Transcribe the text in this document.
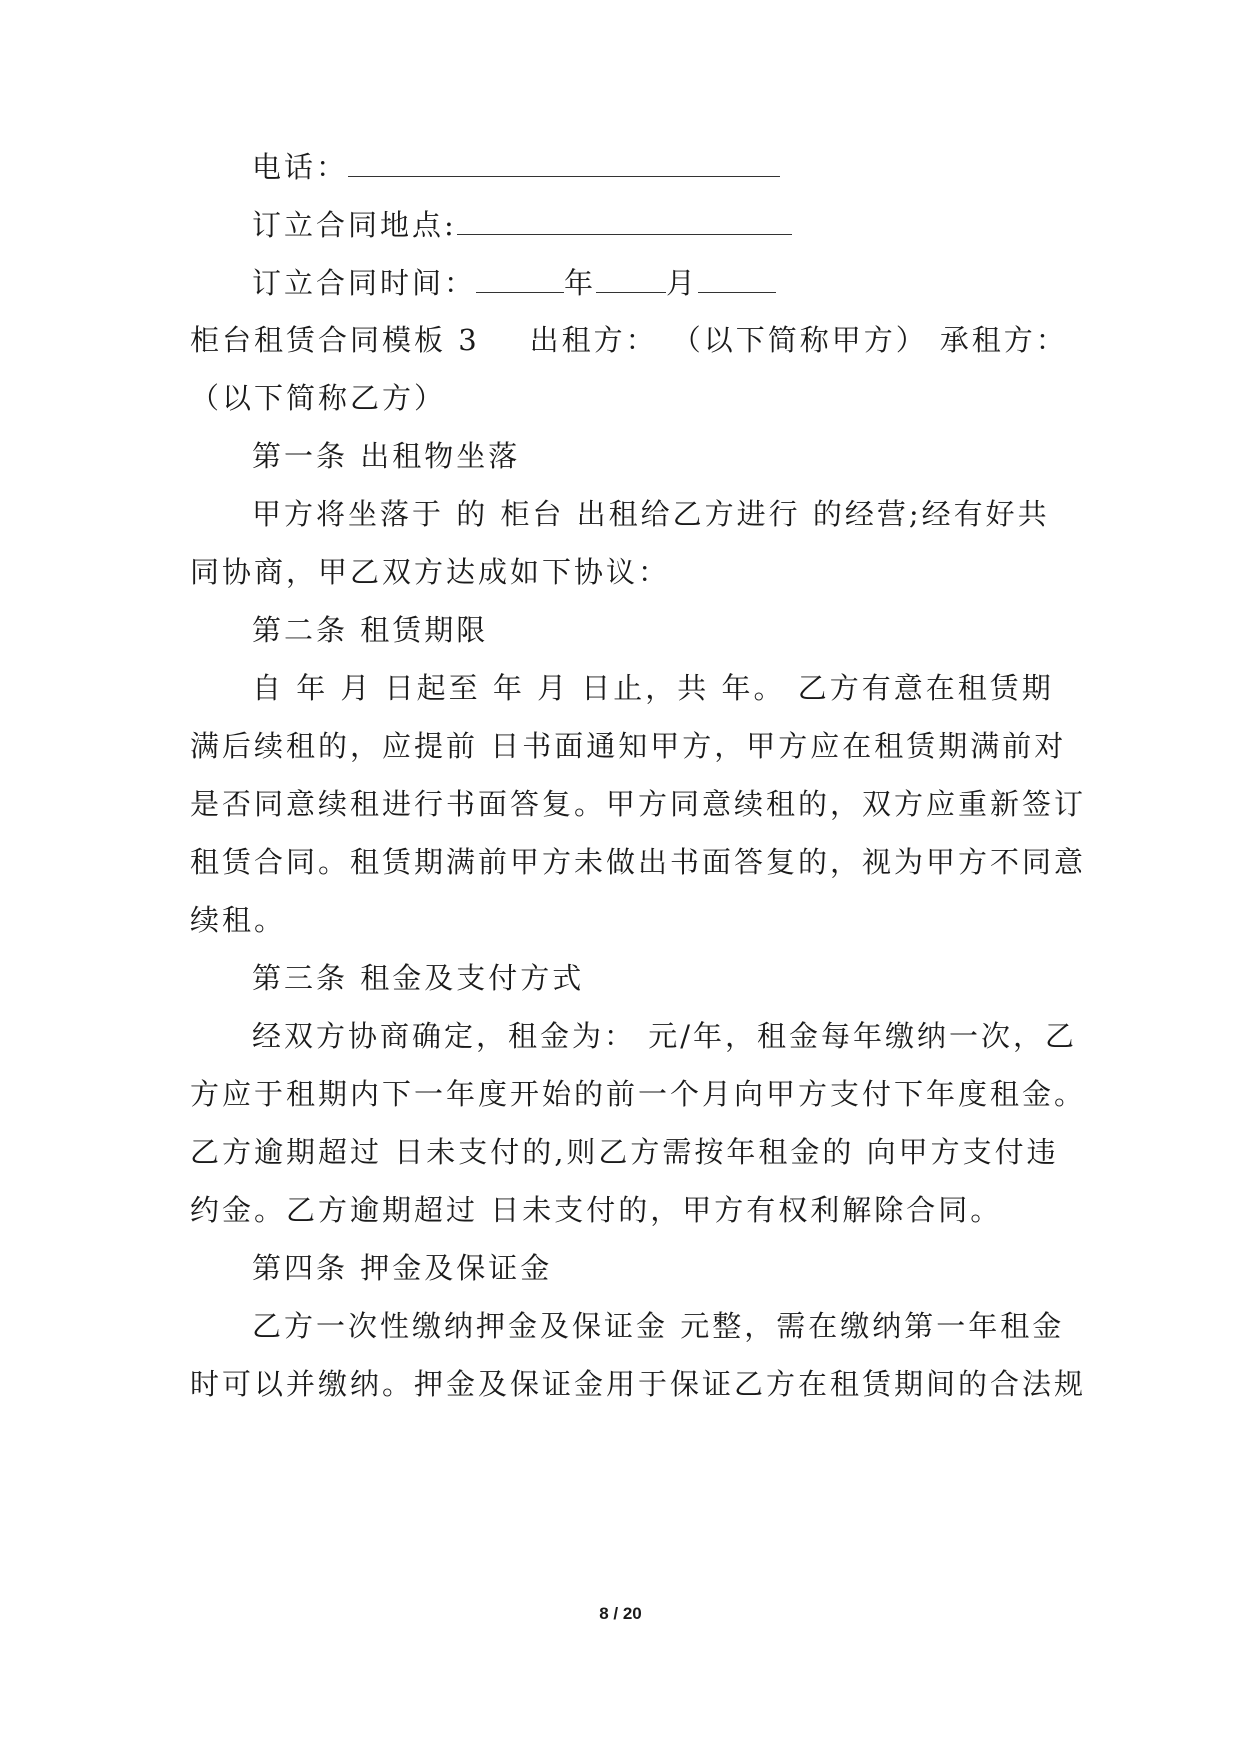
电话：
订立合同地点:
订立合同时间：	年 月
柜台租赁合同模板 3 出租方： （以下简称甲方） 承租方：
（以下简称乙方）
第一条 出租物坐落
甲方将坐落于 的 柜台 出租给乙方进行 的经营;经有好共
同协商，甲乙双方达成如下协议：
第二条 租赁期限
自 年 月 日起至 年 月 日止，共 年。 乙方有意在租赁期
满后续租的，应提前 日书面通知甲方，甲方应在租赁期满前对
是否同意续租进行书面答复。甲方同意续租的，双方应重新签订
租赁合同。租赁期满前甲方未做出书面答复的，视为甲方不同意
续租。
第三条 租金及支付方式
经双方协商确定，租金为： 元/年，租金每年缴纳一次，乙
方应于租期内下一年度开始的前一个月向甲方支付下年度租金。
乙方逾期超过 日未支付的,则乙方需按年租金的 向甲方支付违
约金。乙方逾期超过 日未支付的，甲方有权利解除合同。
第四条 押金及保证金
乙方一次性缴纳押金及保证金 元整，需在缴纳第一年租金
时可以并缴纳。押金及保证金用于保证乙方在租赁期间的合法规
8 / 20
